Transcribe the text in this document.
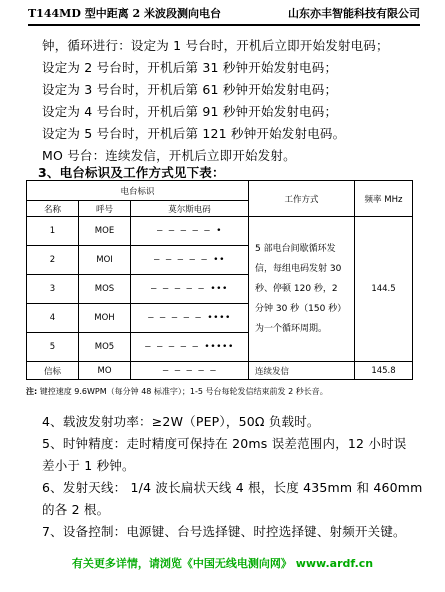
T144MD 型中距离 2 米波段测向电台	山东亦丰智能科技有限公司
钟，循环进行：设定为 1 号台时，开机后立即开始发射电码；
设定为 2 号台时，开机后第 31 秒钟开始发射电码；
设定为 3 号台时，开机后第 61 秒钟开始发射电码；
设定为 4 号台时，开机后第 91 秒钟开始发射电码；
设定为 5 号台时，开机后第 121 秒钟开始发射电码。
MO 号台：连续发信，开机后立即开始发射。
3、电台标识及工作方式见下表：
电台标识			工作方式	频率 MHz
名称	呼号	莫尔斯电码		
1	MOE	— — — — — •	5 部电台间歇循环发信，每组电码发射 30 秒、停顿 120 秒，2 分钟 30 秒（150 秒）为一个循环周期。	144.5
2	MOI	— — — — — ••		
3	MOS	— — — — — •••		
4	MOH	— — — — — ••••		
5	MO5	— — — — — •••••		
信标	MO	— — — — —	连续发信	145.8
注: 键控速度 9.6WPM（每分钟 48 标准字）；1-5 号台每轮发信结束前发 2 秒长音。
4、载波发射功率：≥2W（PEP），50Ω 负载时。
5、时钟精度：走时精度可保持在 20ms 误差范围内，12 小时误
差小于 1 秒钟。
6、发射天线： 1/4 波长扁状天线 4 根，长度 435mm 和 460mm
的各 2 根。
7、设备控制：电源键、台号选择键、时控选择键、射频开关键。
有关更多详情，请浏览《中国无线电测向网》 www.ardf.cn
